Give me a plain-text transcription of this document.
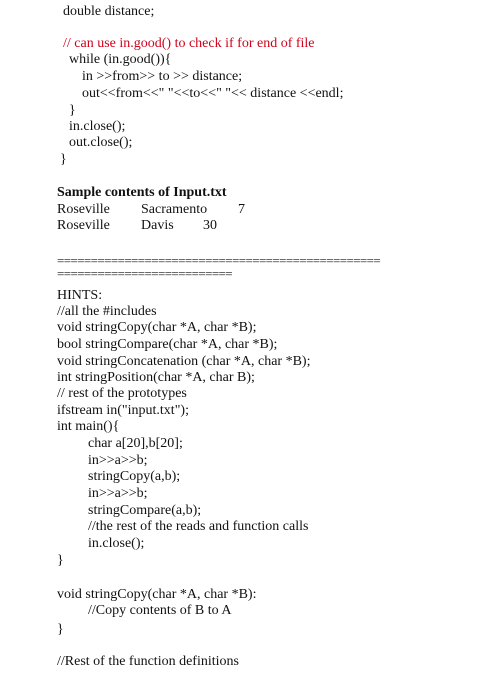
double distance;
// can use in.good() to check if for end of file
while (in.good()){
in >>from>> to >> distance;
out<<from<<" "<<to<<" "<< distance <<endl;
}
in.close();
out.close();
}
Sample contents of Input.txt
Roseville Sacramento 7
Roseville Davis 30
================================================
==========================
HINTS:
//all the #includes
void stringCopy(char *A, char *B);
bool stringCompare(char *A, char *B);
void stringConcatenation (char *A, char *B);
int stringPosition(char *A, char B);
// rest of the prototypes
ifstream in("input.txt");
int main(){
char a[20],b[20];
in>>a>>b;
stringCopy(a,b);
in>>a>>b;
stringCompare(a,b);
//the rest of the reads and function calls
in.close();
}
void stringCopy(char *A, char *B):
//Copy contents of B to A
}
//Rest of the function definitions
